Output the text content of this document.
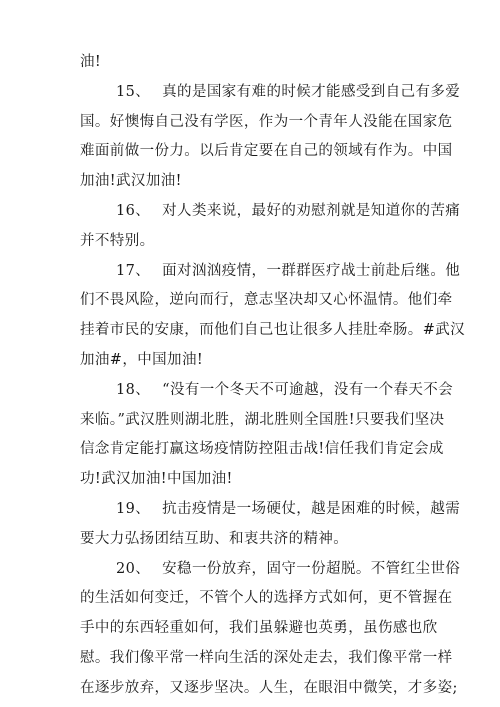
油!
15、 真的是国家有难的时候才能感受到自己有多爱
国。好懊悔自己没有学医，作为一个青年人没能在国家危
难面前做一份力。以后肯定要在自己的领域有作为。中国
加油!武汉加油!
16、 对人类来说，最好的劝慰剂就是知道你的苦痛
并不特别。
17、 面对汹汹疫情，一群群医疗战士前赴后继。他
们不畏风险，逆向而行，意志坚决却又心怀温情。他们牵
挂着市民的安康，而他们自己也让很多人挂肚牵肠。#武汉
加油#，中国加油!
18、 “没有一个冬天不可逾越，没有一个春天不会
来临。”武汉胜则湖北胜，湖北胜则全国胜!只要我们坚决
信念肯定能打赢这场疫情防控阻击战!信任我们肯定会成
功!武汉加油!中国加油!
19、 抗击疫情是一场硬仗，越是困难的时候，越需
要大力弘扬团结互助、和衷共济的精神。
20、 安稳一份放弃，固守一份超脱。不管红尘世俗
的生活如何变迁，不管个人的选择方式如何，更不管握在
手中的东西轻重如何，我们虽躲避也英勇，虽伤感也欣
慰。我们像平常一样向生活的深处走去，我们像平常一样
在逐步放弃，又逐步坚决。人生，在眼泪中微笑，才多姿;
